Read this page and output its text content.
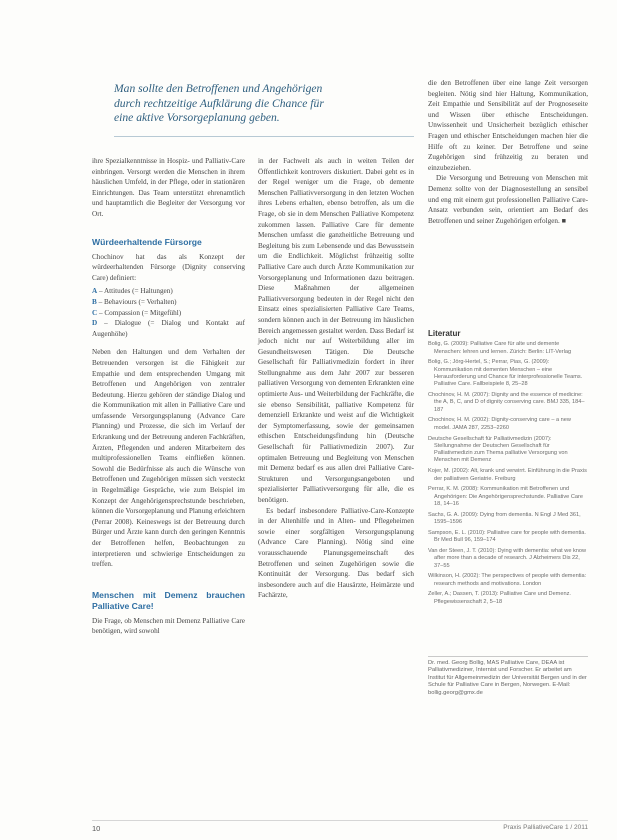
Man sollte den Betroffenen und Angehörigen
durch rechtzeitige Aufklärung die Chance für
eine aktive Vorsorgeplanung geben.

ihre Spezialkenntnisse in Hospiz- und Palliativ-Care einbringen. Versorgt werden die Menschen in ihrem häuslichen Umfeld, in der Pflege, oder in stationären Einrichtungen. Das Team unterstützt ehrenamtlich und hauptamtlich die Begleiter der Versorgung vor Ort.

Würdeerhaltende Fürsorge

Chochinov hat das als Konzept der würdeerhaltenden Fürsorge (Dignity conserving Care) definiert:

A – Attitudes (= Haltungen)

B – Behaviours (= Verhalten)

C – Compassion (= Mitgefühl)

D – Dialogue (= Dialog und Kontakt auf Augenhöhe)

Neben den Haltungen und dem Verhalten der Betreuenden versorgen ist die Fähigkeit zur Empathie und dem entsprechenden Umgang mit Betroffenen und Angehörigen von zentraler Bedeutung. Hierzu gehören der ständige Dialog und die Kommunikation mit allen in Palliative Care und umfassende Versorgungsplanung (Advance Care Planning) und Prozesse, die sich im Verlauf der Erkrankung und der Betreuung anderen Fachkräften, Ärzten, Pflegenden und anderen Mitarbeitern des multiprofessionellen Teams einfließen können. Sowohl die Bedürfnisse als auch die Wünsche von Betroffenen und Zugehörigen müssen sich versteckt in Regelmäßige Gespräche, wie zum Beispiel im Konzept der Angehörigensprechstunde beschrieben, können die Vorsorgeplanung und Planung erleichtern (Perrar 2008). Keineswegs ist der Betreuung durch Bürger und Ärzte kann durch den geringen Kenntnis der Betroffenen helfen, Beobachtungen zu interpretieren und schwierige Entscheidungen zu treffen.

Menschen mit Demenz brauchen Palliative Care!

Die Frage, ob Menschen mit Demenz Palliative Care benötigen, wird sowohl

in der Fachwelt als auch in weiten Teilen der Öffentlichkeit kontrovers diskutiert. Dabei geht es in der Regel weniger um die Frage, ob demente Menschen Palliativversorgung in den letzten Wochen ihres Lebens erhalten, ebenso betroffen, als um die Frage, ob sie in dem Menschen Palliative Kompetenz zukommen lassen. Palliative Care für demente Menschen umfasst die ganzheitliche Betreuung und Begleitung bis zum Lebensende und das Bewusstsein um die Endlichkeit. Möglichst frühzeitig sollte Palliative Care auch durch Ärzte Kommunikation zur Vorsorgeplanung und Informationen dazu beitragen. Diese Maßnahmen der allgemeinen Palliativversorgung bedeuten in der Regel nicht den Einsatz eines spezialisierten Palliative Care Teams, sondern können auch in der Betreuung im häuslichen Bereich angemessen gestaltet werden. Dass Bedarf ist jedoch nicht nur auf Weiterbildung aller im Gesundheitswesen Tätigen. Die Deutsche Gesellschaft für Palliativmedizin fordert in ihrer Stellungnahme aus dem Jahr 2007 zur besseren palliativen Versorgung von dementen Erkrankten eine optimierte Aus- und Weiterbildung der Fachkräfte, die sie ebenso Sensibilität, palliative Kompetenz für demenziell Erkrankte und weist auf die Wichtigkeit der Symptomerfassung, sowie der gemeinsamen ethischen Entscheidungsfindung hin (Deutsche Gesellschaft für Palliativmedizin 2007). Zur optimalen Betreuung und Begleitung von Menschen mit Demenz bedarf es aus allen drei Palliative Care-Strukturen und Versorgungsangeboten und spezialisierter Palliativversorgung für alle, die es benötigen.

Es bedarf insbesondere Palliative-Care-Konzepte in der Altenhilfe und in Alten- und Pflegeheimen sowie einer sorgfältigen Versorgungsplanung (Advance Care Planning). Nötig sind eine vorausschauende Planungsgemeinschaft des Betroffenen und seinen Zugehörigen sowie die Kontinuität der Versorgung. Das bedarf sich insbesondere auch auf die Hausärzte, Heimärzte und Fachärzte,

die den Betroffenen über eine lange Zeit versorgen begleiten. Nötig sind hier Haltung, Kommunikation, Zeit Empathie und Sensibilität auf der Prognoseseite und Wissen über ethische Entscheidungen. Unwissenheit und Unsicherheit bezüglich ethischer Fragen und ethischer Entscheidungen machen hier die Hilfe oft zu keiner. Der Betroffene und seine Zugehörigen sind frühzeitig zu beraten und einzubeziehen.

Die Versorgung und Betreuung von Menschen mit Demenz sollte von der Diagnosestellung an sensibel und eng mit einem gut professionellen Palliative Care-Ansatz verbunden sein, orientiert am Bedarf des Betroffenen und seiner Zugehörigen erfolgen. ■

Literatur

Bolig, G. (2009): Palliative Care für alte und demente Menschen: lehren und lernen. Zürich: Berlin: LIT-Verlag

Bolig, G.; Jörg-Hertel, S.; Perrar, Pias, G. (2009): Kommunikation mit dementen Menschen – eine Herausforderung und Chance für interprofessionelle Teams. Palliative Care. Fallbeispiele 8, 25–28

Chochinov, H. M. (2007): Dignity and the essence of medicine: the A, B, C, and D of dignity conserving care. BMJ 335, 184–187

Chochinov, H. M. (2002): Dignity-conserving care – a new model. JAMA 287, 2253–2260

Deutsche Gesellschaft für Palliativmedizin (2007): Stellungnahme der Deutschen Gesellschaft für Palliativmedizin zum Thema palliative Versorgung von Menschen mit Demenz

Kojer, M. (2002): Alt, krank und verwirrt. Einführung in die Praxis der palliativen Geriatrie. Freiburg

Perrar, K. M. (2008): Kommunikation mit Betroffenen und Angehörigen: Die Angehörigensprechstunde. Palliative Care 18, 14–16

Sachs, G. A. (2009): Dying from dementia. N Engl J Med 361, 1595–1596

Sampson, E. L. (2010): Palliative care for people with dementia. Br Med Bull 96, 159–174

Van der Steen, J. T. (2010): Dying with dementia: what we know after more than a decade of research. J Alzheimers Dis 22, 37–55

Wilkinson, H. (2002): The perspectives of people with dementia: research methods and motivations. London

Zeller, A.; Dassen, T. (2013): Palliative Care und Demenz. Pflegewissenschaft 2, 5–18

Dr. med. Georg Bollig, MAS Palliative Care, DEAA ist Palliativmediziner, Internist und Forscher. Er arbeitet am Institut für Allgemeinmedizin der Universität Bergen und in der Schule für Palliative Care in Bergen, Norwegen. E-Mail: bollig.georg@gmx.de
10	Praxis PalliativeCare 1 / 2011
